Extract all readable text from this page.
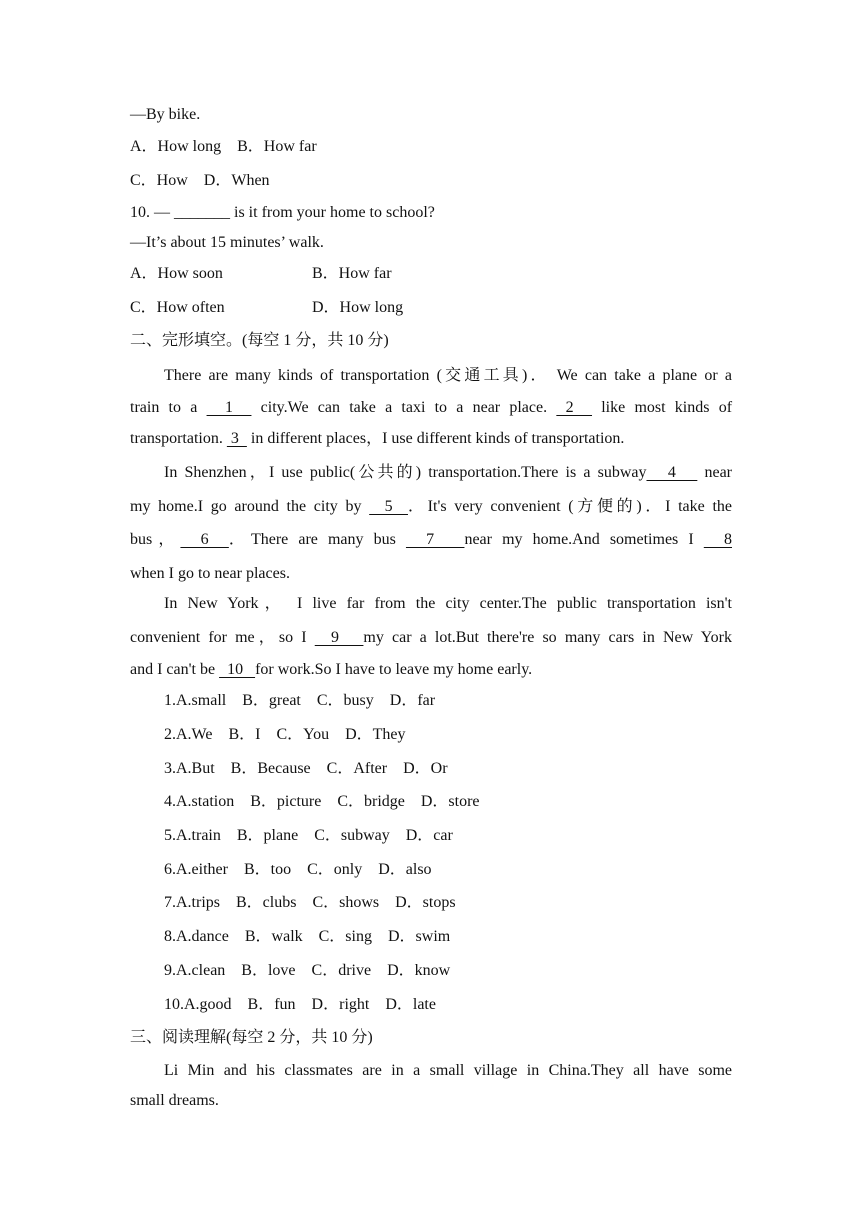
—By bike.
A．How long　B．How far
C．How　D．When
10. — _______ is it from your home to school?
—It’s about 15 minutes’ walk.
A．How soon	B．How far
C．How often	D．How long
二、完形填空。(每空 1 分，共 10 分)
There are many kinds of transportation (交通工具)． We can take a plane or a
train to a   1   city.We can take a taxi to a near place.  2   like most kinds of
transportation.  3   in different places，I use different kinds of transportation.
In Shenzhen，I use public(公共的) transportation.There is a subway   4    near
my home.I go around the city by   5  ．It's very convenient (方便的)．I take the
bus，  6  ．There are many bus   7   near my home.And sometimes I   8
when I go to near places.
In New York， I live far from the city center.The public transportation isn't
convenient for me，so I   9   my car a lot.But there're so many cars in New York
and I can't be   10   for work.So I have to leave my home early.
1.A.small　B．great　C．busy　D．far
2.A.We　B．I　C．You　D．They
3.A.But　B．Because　C．After　D．Or
4.A.station　B．picture　C．bridge　D．store
5.A.train　B．plane　C．subway　D．car
6.A.either　B．too　C．only　D．also
7.A.trips　B．clubs　C．shows　D．stops
8.A.dance　B．walk　C．sing　D．swim
9.A.clean　B．love　C．drive　D．know
10.A.good　B．fun　D．right　D．late
三、阅读理解(每空 2 分，共 10 分)
Li Min and his classmates are in a small village in China.They all have some
small dreams.
